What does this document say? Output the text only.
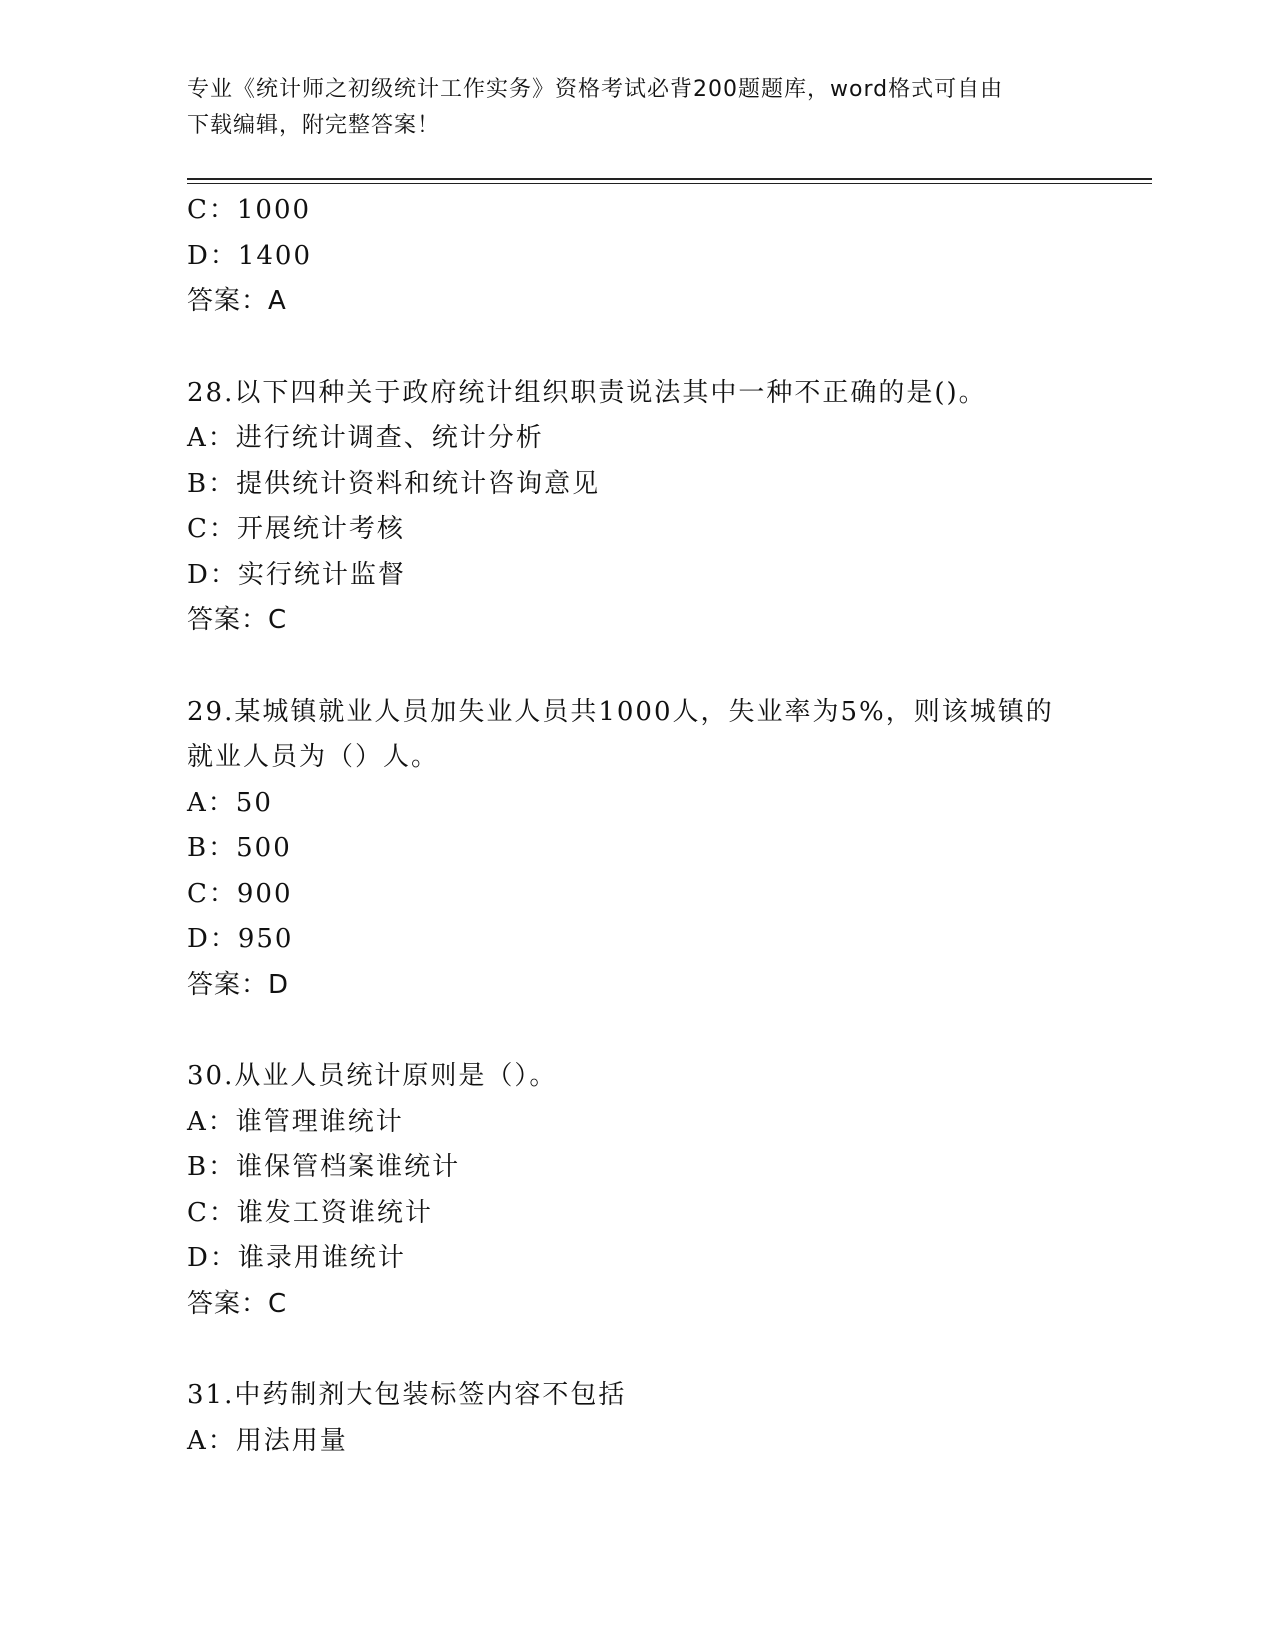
专业《统计师之初级统计工作实务》资格考试必背200题题库，word格式可自由

下载编辑，附完整答案！

C：1000
D：1400
答案：A
28.以下四种关于政府统计组织职责说法其中一种不正确的是()。
A：进行统计调查、统计分析
B：提供统计资料和统计咨询意见
C：开展统计考核
D：实行统计监督
答案：C
29.某城镇就业人员加失业人员共1000人，失业率为5%，则该城镇的
就业人员为（）人。
A：50
B：500
C：900
D：950
答案：D
30.从业人员统计原则是（）。
A：谁管理谁统计
B：谁保管档案谁统计
C：谁发工资谁统计
D：谁录用谁统计
答案：C
31.中药制剂大包装标签内容不包括
A：用法用量
